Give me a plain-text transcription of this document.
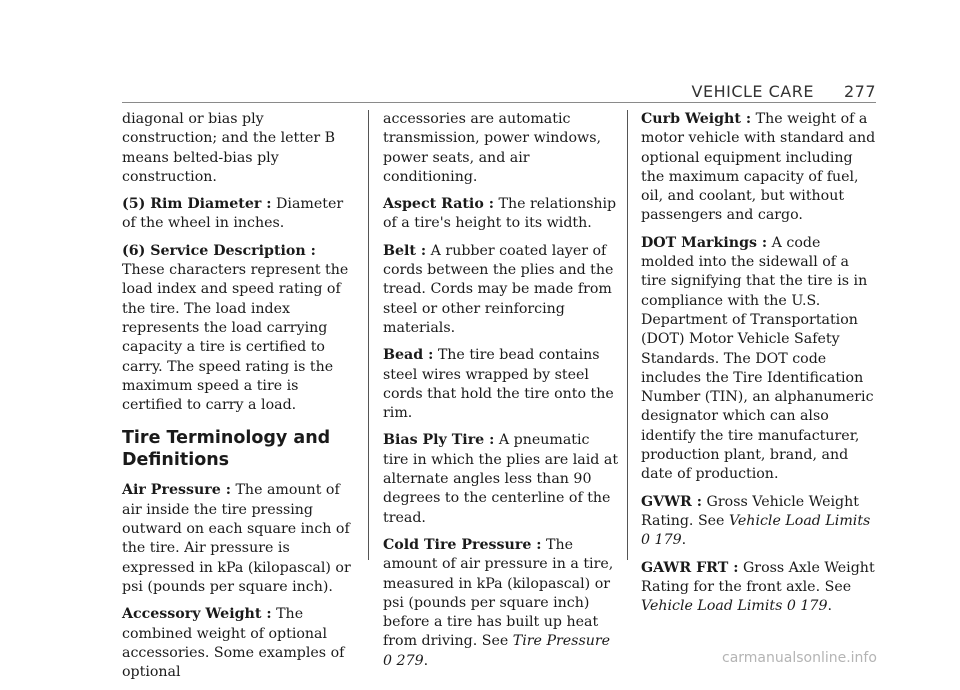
VEHICLE CARE 277

diagonal or bias ply construction; and the letter B means belted-bias ply construction.

(5) Rim Diameter : Diameter of the wheel in inches.

(6) Service Description : These characters represent the load index and speed rating of the tire. The load index represents the load carrying capacity a tire is certified to carry. The speed rating is the maximum speed a tire is certified to carry a load.

Tire Terminology and Definitions

Air Pressure : The amount of air inside the tire pressing outward on each square inch of the tire. Air pressure is expressed in kPa (kilopascal) or psi (pounds per square inch).

Accessory Weight : The combined weight of optional accessories. Some examples of optional

accessories are automatic transmission, power windows, power seats, and air conditioning.

Aspect Ratio : The relationship of a tire's height to its width.

Belt : A rubber coated layer of cords between the plies and the tread. Cords may be made from steel or other reinforcing materials.

Bead : The tire bead contains steel wires wrapped by steel cords that hold the tire onto the rim.

Bias Ply Tire : A pneumatic tire in which the plies are laid at alternate angles less than 90 degrees to the centerline of the tread.

Cold Tire Pressure : The amount of air pressure in a tire, measured in kPa (kilopascal) or psi (pounds per square inch) before a tire has built up heat from driving. See Tire Pressure 0 279.

Curb Weight : The weight of a motor vehicle with standard and optional equipment including the maximum capacity of fuel, oil, and coolant, but without passengers and cargo.

DOT Markings : A code molded into the sidewall of a tire signifying that the tire is in compliance with the U.S. Department of Transportation (DOT) Motor Vehicle Safety Standards. The DOT code includes the Tire Identification Number (TIN), an alphanumeric designator which can also identify the tire manufacturer, production plant, brand, and date of production.

GVWR : Gross Vehicle Weight Rating. See Vehicle Load Limits
0 179.

GAWR FRT : Gross Axle Weight Rating for the front axle. See Vehicle Load Limits 0 179.

carmanualsonline.info
